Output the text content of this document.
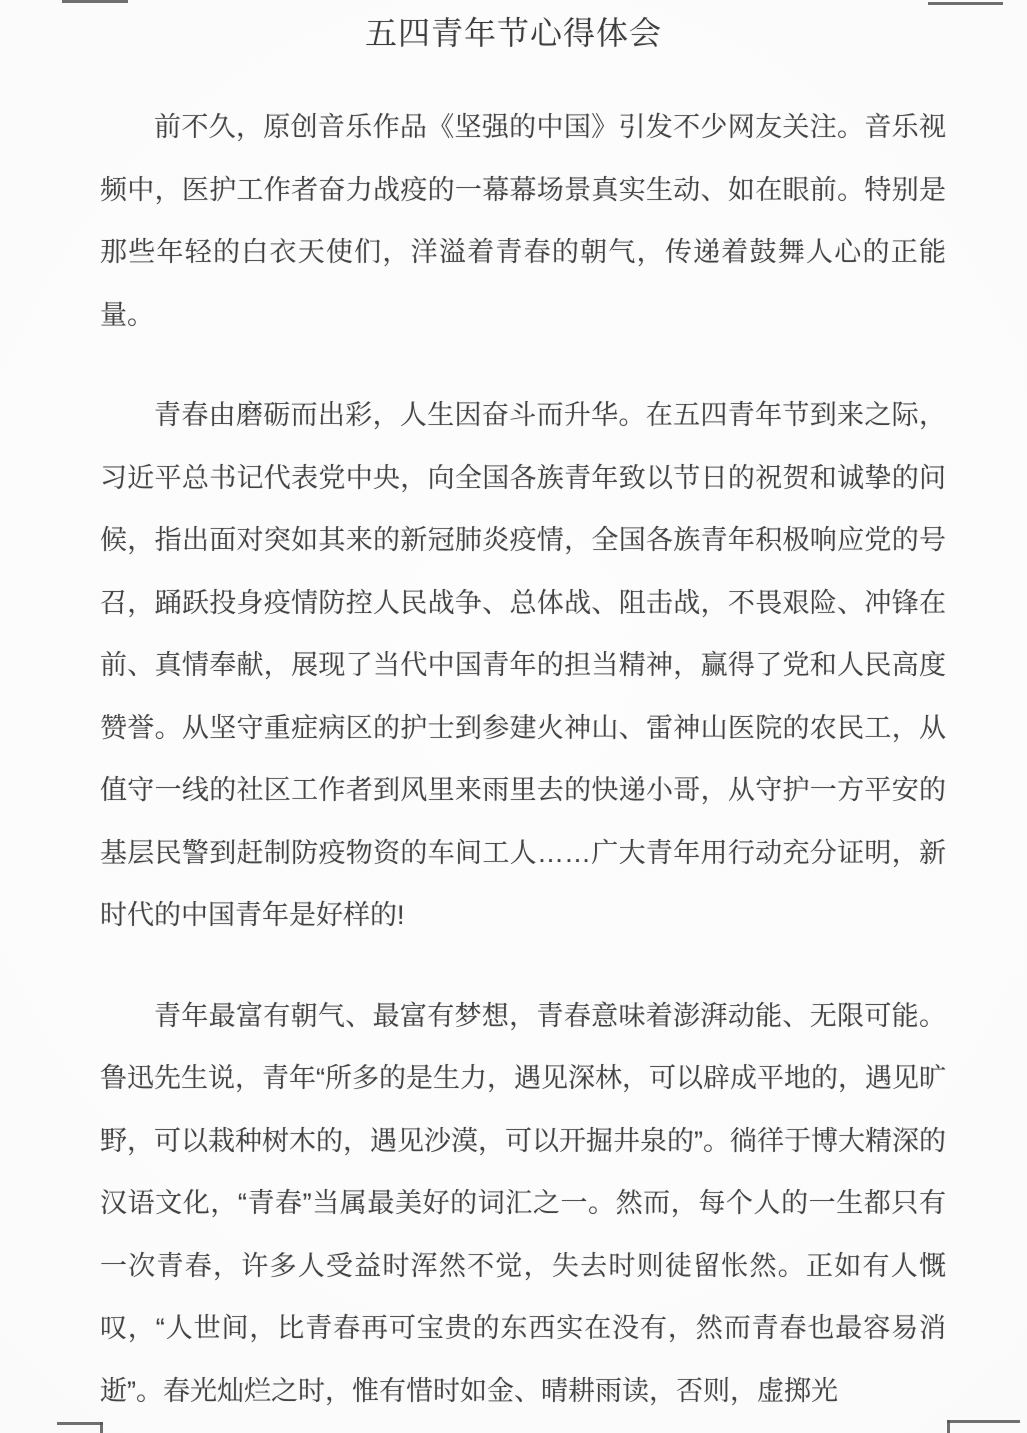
五四青年节心得体会

前不久，原创音乐作品《坚强的中国》引发不少网友关注。音乐视频中，医护工作者奋力战疫的一幕幕场景真实生动、如在眼前。特别是那些年轻的白衣天使们，洋溢着青春的朝气，传递着鼓舞人心的正能量。

青春由磨砺而出彩，人生因奋斗而升华。在五四青年节到来之际，习近平总书记代表党中央，向全国各族青年致以节日的祝贺和诚挚的问候，指出面对突如其来的新冠肺炎疫情，全国各族青年积极响应党的号召，踊跃投身疫情防控人民战争、总体战、阻击战，不畏艰险、冲锋在前、真情奉献，展现了当代中国青年的担当精神，赢得了党和人民高度赞誉。从坚守重症病区的护士到参建火神山、雷神山医院的农民工，从值守一线的社区工作者到风里来雨里去的快递小哥，从守护一方平安的基层民警到赶制防疫物资的车间工人……广大青年用行动充分证明，新时代的中国青年是好样的!

青年最富有朝气、最富有梦想，青春意味着澎湃动能、无限可能。鲁迅先生说，青年“所多的是生力，遇见深林，可以辟成平地的，遇见旷野，可以栽种树木的，遇见沙漠，可以开掘井泉的”。徜徉于博大精深的汉语文化，“青春”当属最美好的词汇之一。然而，每个人的一生都只有一次青春，许多人受益时浑然不觉，失去时则徒留怅然。正如有人慨叹，“人世间，比青春再可宝贵的东西实在没有，然而青春也最容易消逝”。春光灿烂之时，惟有惜时如金、晴耕雨读，否则，虚掷光
